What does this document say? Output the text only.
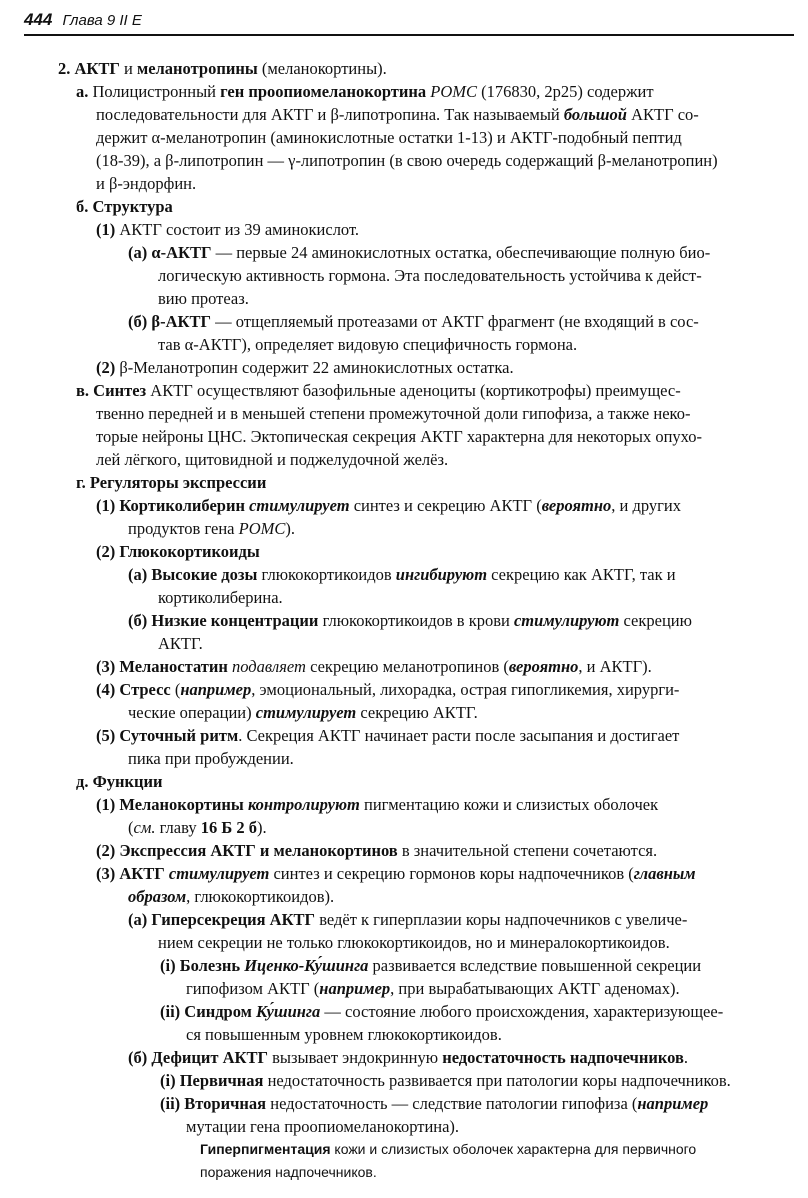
444 Глава 9 II E
2. АКТГ и меланотропины (меланокортины).
а. Полицистронный ген проопиомеланокортина POMC (176830, 2p25) содержит
последовательности для АКТГ и β-липотропина. Так называемый большой АКТГ со-
держит α-меланотропин (аминокислотные остатки 1-13) и АКТГ-подобный пептид
(18-39), а β-липотропин — γ-липотропин (в свою очередь содержащий β-меланотропин)
и β-эндорфин.
б. Структура
(1) АКТГ состоит из 39 аминокислот.
(а) α-АКТГ — первые 24 аминокислотных остатка, обеспечивающие полную био-
логическую активность гормона. Эта последовательность устойчива к дейст-
вию протеаз.
(б) β-АКТГ — отщепляемый протеазами от АКТГ фрагмент (не входящий в сос-
тав α-АКТГ), определяет видовую специфичность гормона.
(2) β-Меланотропин содержит 22 аминокислотных остатка.
в. Синтез АКТГ осуществляют базофильные аденоциты (кортикотрофы) преимущес-
твенно передней и в меньшей степени промежуточной доли гипофиза, а также неко-
торые нейроны ЦНС. Эктопическая секреция АКТГ характерна для некоторых опухо-
лей лёгкого, щитовидной и поджелудочной желёз.
г. Регуляторы экспрессии
(1) Кортиколиберин стимулирует синтез и секрецию АКТГ (вероятно, и других
продуктов гена POMC).
(2) Глюкокортикоиды
(а) Высокие дозы глюкокортикоидов ингибируют секрецию как АКТГ, так и
кортиколиберина.
(б) Низкие концентрации глюкокортикоидов в крови стимулируют секрецию
АКТГ.
(3) Меланостатин подавляет секрецию меланотропинов (вероятно, и АКТГ).
(4) Стресс (например, эмоциональный, лихорадка, острая гипогликемия, хирурги-
ческие операции) стимулирует секрецию АКТГ.
(5) Суточный ритм. Секреция АКТГ начинает расти после засыпания и достигает
пика при пробуждении.
д. Функции
(1) Меланокортины контролируют пигментацию кожи и слизистых оболочек
(см. главу 16 Б 2 б).
(2) Экспрессия АКТГ и меланокортинов в значительной степени сочетаются.
(3) АКТГ стимулирует синтез и секрецию гормонов коры надпочечников (главным
образом, глюкокортикоидов).
(а) Гиперсекреция АКТГ ведёт к гиперплазии коры надпочечников с увеличе-
нием секреции не только глюкокортикоидов, но и минералокортикоидов.
(i) Болезнь Иценко-Ку́шинга развивается вследствие повышенной секреции
гипофизом АКТГ (например, при вырабатывающих АКТГ аденомах).
(ii) Синдром Ку́шинга — состояние любого происхождения, характеризующее-
ся повышенным уровнем глюкокортикоидов.
(б) Дефицит АКТГ вызывает эндокринную недостаточность надпочечников.
(i) Первичная недостаточность развивается при патологии коры надпочечников.
(ii) Вторичная недостаточность — следствие патологии гипофиза (например
мутации гена проопиомеланокортина).
Гиперпигментация кожи и слизистых оболочек характерна для первичного
поражения надпочечников.
